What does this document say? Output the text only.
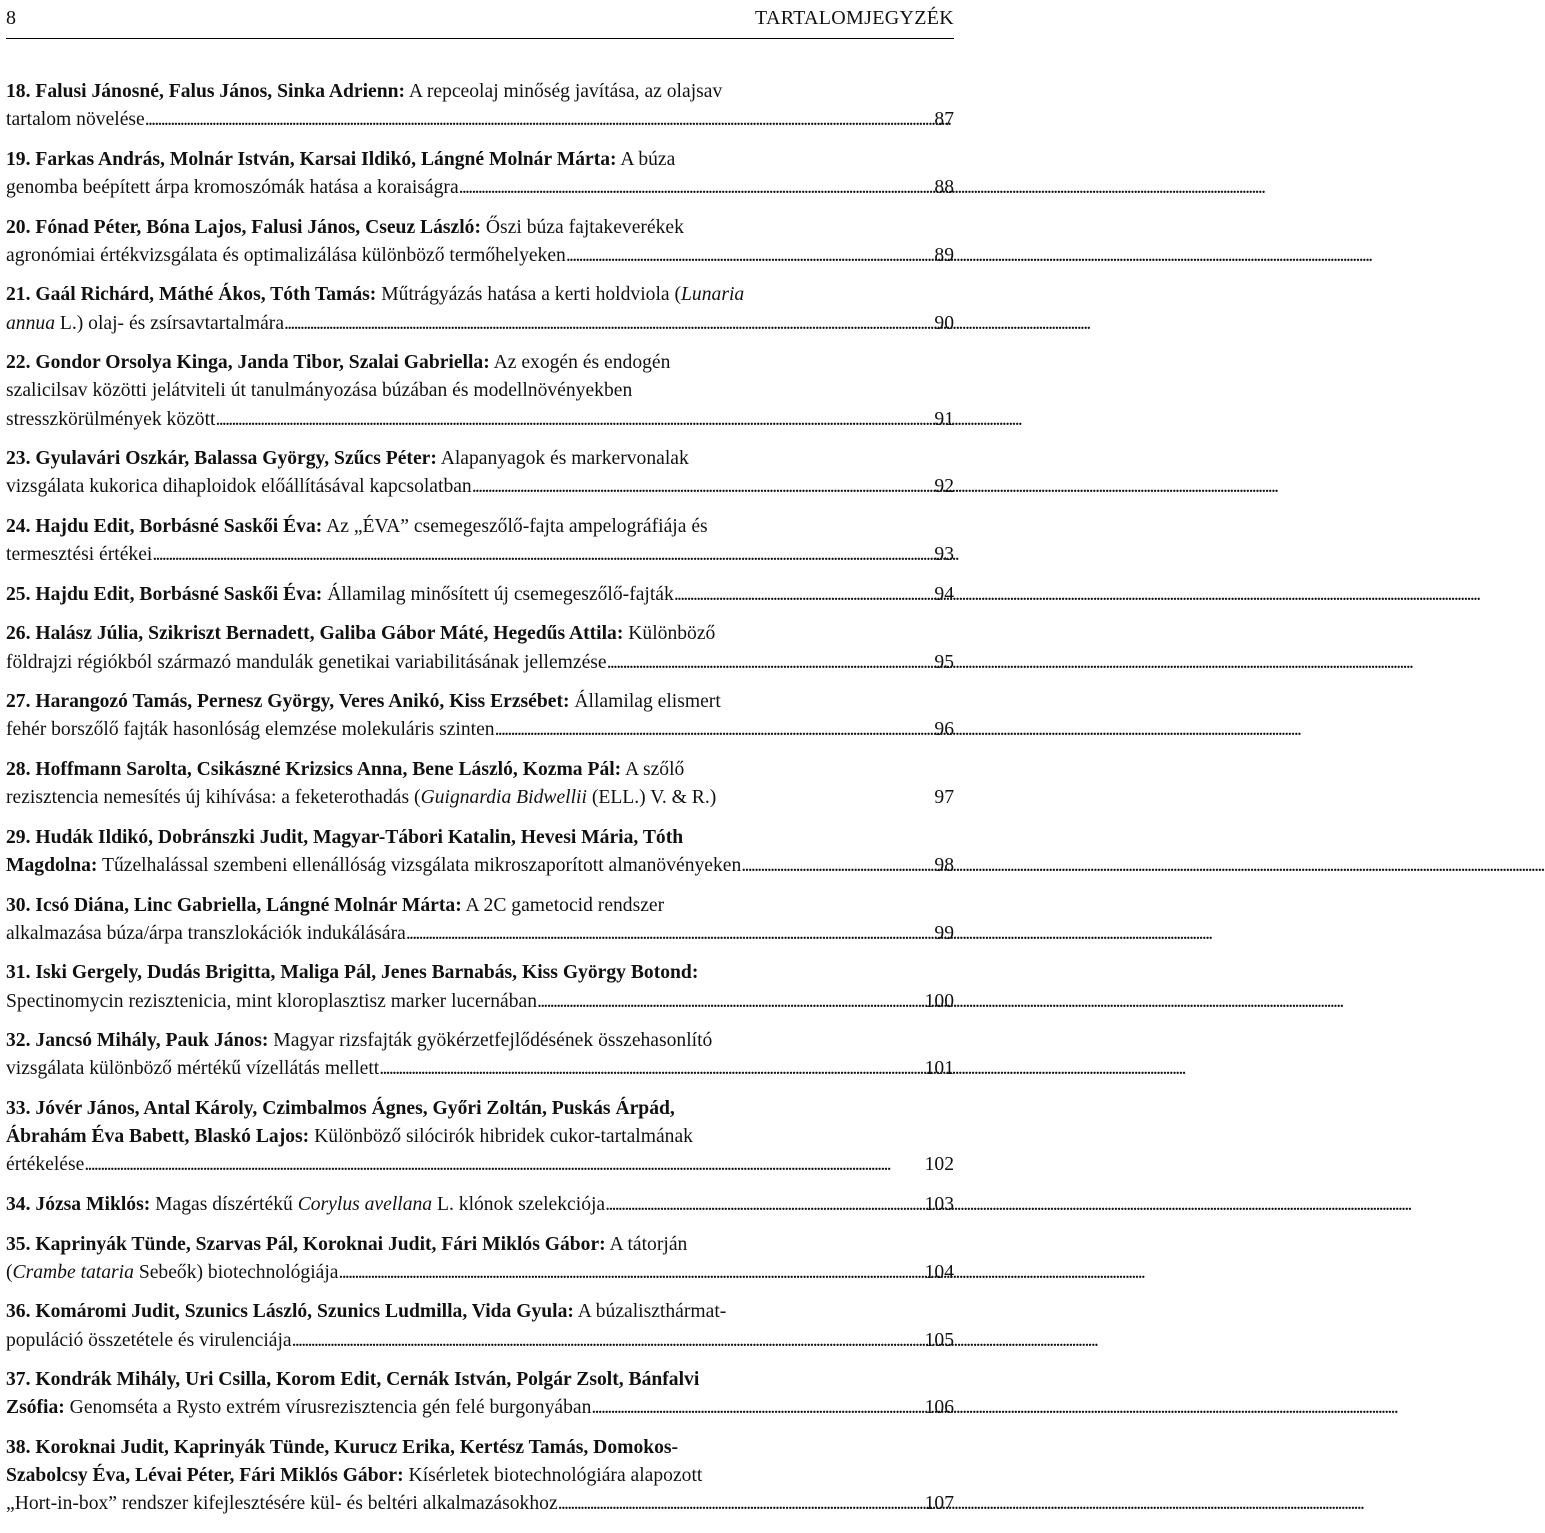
8	TARTALOMJEGYZÉK
18. Falusi Jánosné, Falus János, Sinka Adrienn: A repceolaj minőség javítása, az olajsav
tartalom növelése . . .	87
19. Farkas András, Molnár István, Karsai Ildikó, Lángné Molnár Márta: A búza
genomba beépített árpa kromoszómák hatása a koraiságra . . .	88
20. Fónad Péter, Bóna Lajos, Falusi János, Cseuz László: Őszi búza fajtakeverékek
agronómiai értékvizsgálata és optimalizálása különböző termőhelyeken . . .	89
21. Gaál Richárd, Máthé Ákos, Tóth Tamás: Műtrágyázás hatása a kerti holdviola (Lunaria
annua L.) olaj- és zsírsavtartalmára . . .	90
22. Gondor Orsolya Kinga, Janda Tibor, Szalai Gabriella: Az exogén és endogén
szalicilsav közötti jelátviteli út tanulmányozása búzában és modellnövényekben
stresszkörülmények között . . .	91
23. Gyulavári Oszkár, Balassa György, Szűcs Péter: Alapanyagok és markervonalak
vizsgálata kukorica dihaploidok előállításával kapcsolatban . . .	92
24. Hajdu Edit, Borbásné Saskői Éva: Az „ÉVA” csemegeszőlő-fajta ampelográfiája és
termesztési értékei . . .	93
25. Hajdu Edit, Borbásné Saskői Éva: Államilag minősített új csemegeszőlő-fajták . . .	94
26. Halász Júlia, Szikriszt Bernadett, Galiba Gábor Máté, Hegedűs Attila: Különböző
földrajzi régiókból származó mandulák genetikai variabilitásának jellemzése . . .	95
27. Harangozó Tamás, Pernesz György, Veres Anikó, Kiss Erzsébet: Államilag elismert
fehér borszőlő fajták hasonlóság elemzése molekuláris szinten . . .	96
28. Hoffmann Sarolta, Csikászné Krizsics Anna, Bene László, Kozma Pál: A szőlő
rezisztencia nemesítés új kihívása: a feketerothadás (Guignardia Bidwellii (ELL.) V. & R.)	97
29. Hudák Ildikó, Dobránszki Judit, Magyar-Tábori Katalin, Hevesi Mária, Tóth
Magdolna: Tűzelhalással szembeni ellenállóság vizsgálata mikroszaporított almanövényeken . . .	98
30. Icsó Diána, Linc Gabriella, Lángné Molnár Márta: A 2C gametocid rendszer
alkalmazása búza/árpa transzlokációk indukálására . . .	99
31. Iski Gergely, Dudás Brigitta, Maliga Pál, Jenes Barnabás, Kiss György Botond:
Spectinomycin rezisztenicia, mint kloroplasztisz marker lucernában . . .	100
32. Jancsó Mihály, Pauk János: Magyar rizsfajták gyökérzetfejlődésének összehasonlító
vizsgálata különböző mértékű vízellátás mellett . . .	101
33. Jóvér János, Antal Károly, Czimbalmos Ágnes, Győri Zoltán, Puskás Árpád,
Ábrahám Éva Babett, Blaskó Lajos: Különböző silócirók hibridek cukor-tartalmának
értékelése . . .	102
34. Józsa Miklós: Magas díszértékű Corylus avellana L. klónok szelekciója . . .	103
35. Kaprinyák Tünde, Szarvas Pál, Koroknai Judit, Fári Miklós Gábor: A tátorján
(Crambe tataria Sebeők) biotechnológiája . . .	104
36. Komáromi Judit, Szunics László, Szunics Ludmilla, Vida Gyula: A búzaliszthármat-
populáció összetétele és virulenciája . . .	105
37. Kondrák Mihály, Uri Csilla, Korom Edit, Cernák István, Polgár Zsolt, Bánfalvi
Zsófia: Genomséta a Rysto extrém vírusrezisztencia gén felé burgonyában . . .	106
38. Koroknai Judit, Kaprinyák Tünde, Kurucz Erika, Kertész Tamás, Domokos-
Szabolcsy Éva, Lévai Péter, Fári Miklós Gábor: Kísérletek biotechnológiára alapozott
„Hort-in-box” rendszer kifejlesztésére kül- és beltéri alkalmazásokhoz . . .	107
